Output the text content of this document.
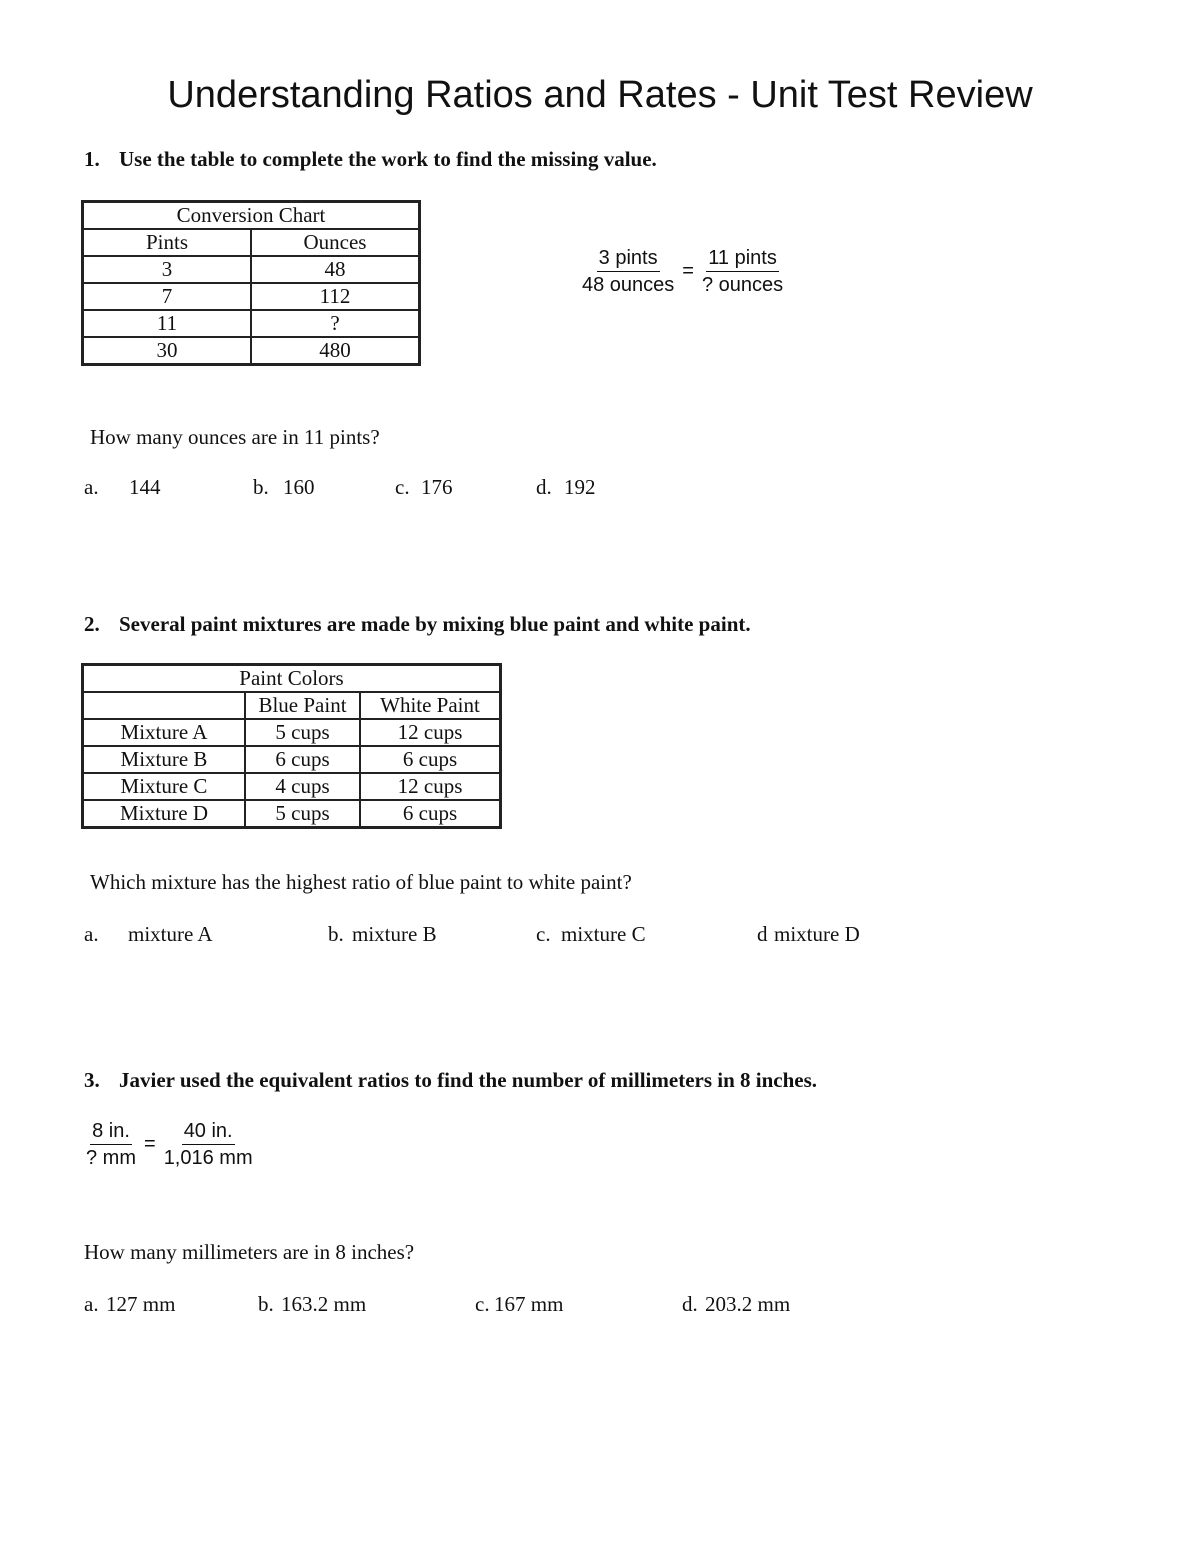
Understanding Ratios and Rates - Unit Test Review
1. Use the table to complete the work to find the missing value.
Conversion Chart	
Pints	Ounces
3	48
7	112
11	?
30	480
$\frac{\text{3 pints}}{\text{48 ounces}} = \frac{\text{11 pints}}{\text{? ounces}}$

How many ounces are in 11 pints?

a. 144	b. 160	c. 176	d. 192

2. Several paint mixtures are made by mixing blue paint and white paint.
Paint Colors		
	Blue Paint	White Paint
Mixture A	5 cups	12 cups
Mixture B	6 cups	6 cups
Mixture C	4 cups	12 cups
Mixture D	5 cups	6 cups

Which mixture has the highest ratio of blue paint to white paint?

a. mixture A	b. mixture B	c. mixture C	d mixture D

3. Javier used the equivalent ratios to find the number of millimeters in 8 inches.
$\frac{8 in.}{? mm} = \frac{40 in.}{1,016 mm}$

How many millimeters are in 8 inches?

a. 127 mm	b. 163.2 mm	c. 167 mm	d. 203.2 mm
